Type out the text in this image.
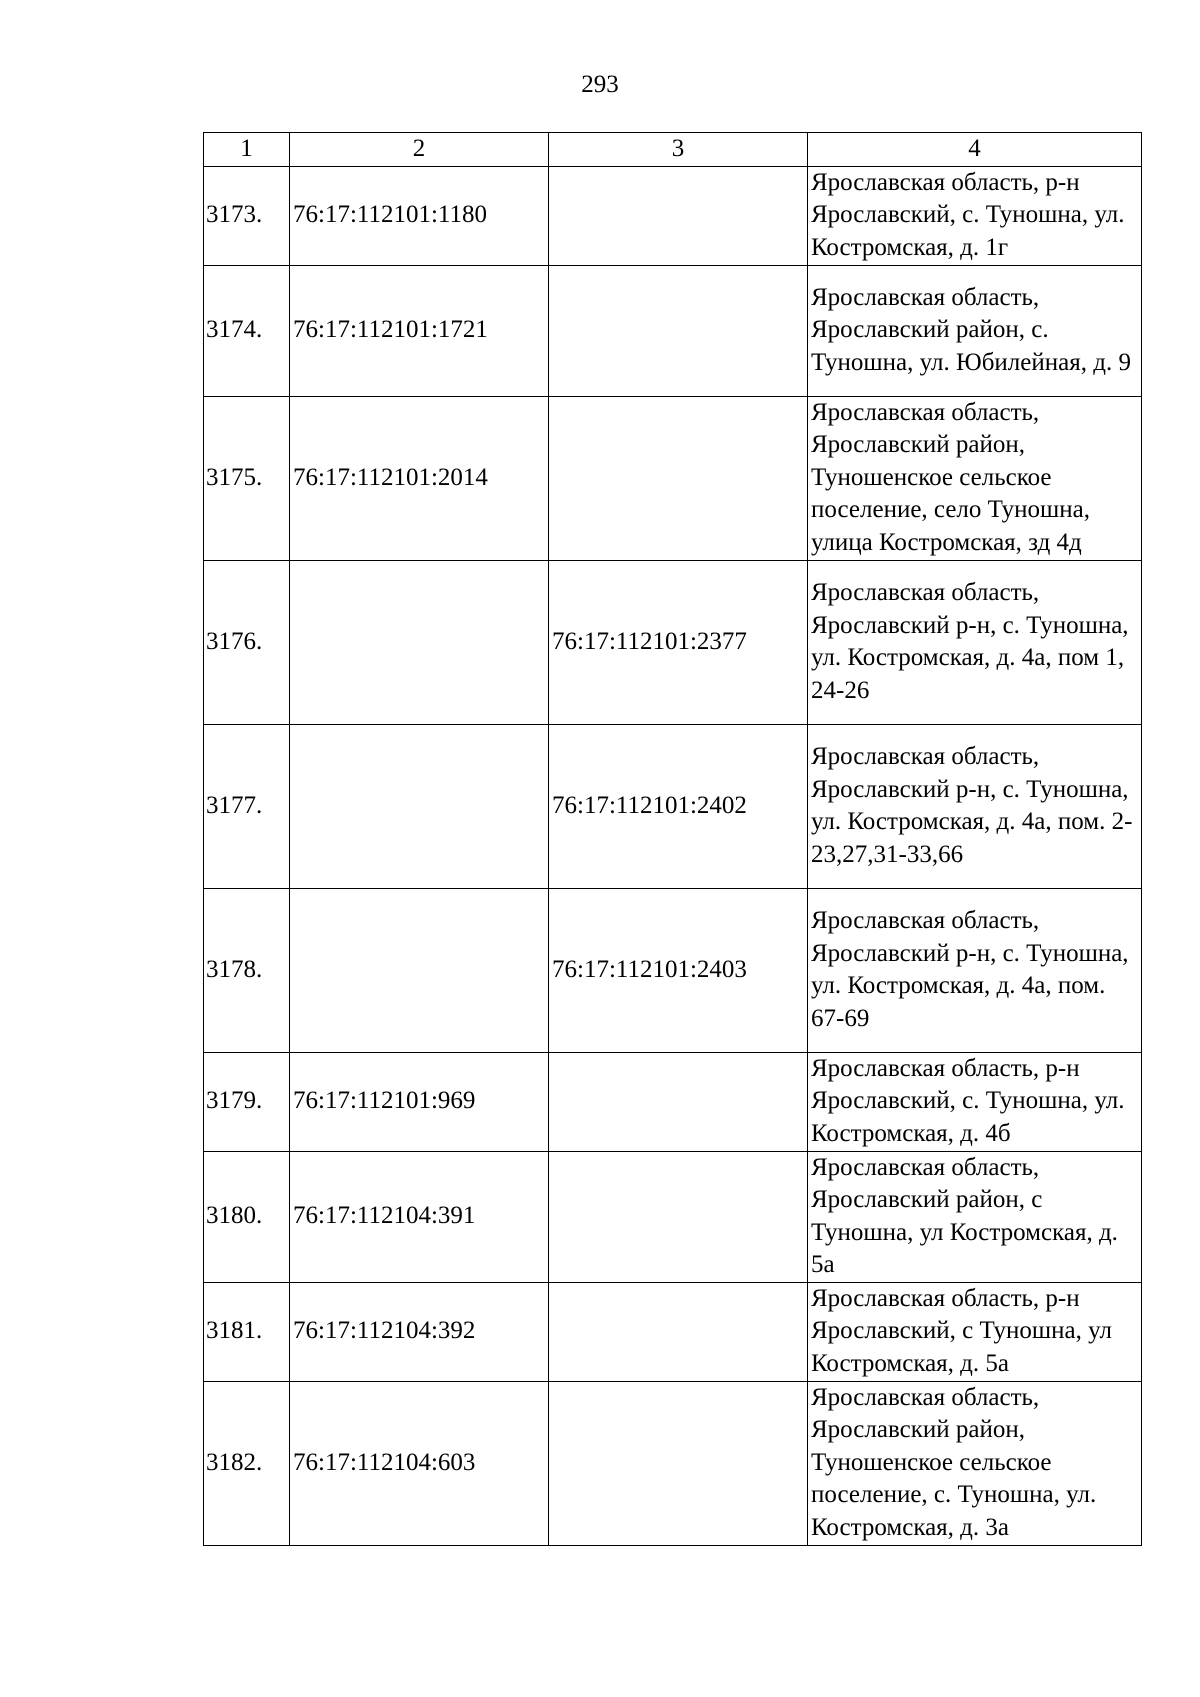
293
1	2	3	4
3173.	76:17:112101:1180		Ярославская область, р-н Ярославский, с. Туношна, ул. Костромская, д. 1г
3174.	76:17:112101:1721		Ярославская область, Ярославский район, с. Туношна, ул. Юбилейная, д. 9
3175.	76:17:112101:2014		Ярославская область, Ярославский район, Туношенское сельское поселение, село Туношна, улица Костромская, зд 4д
3176.		76:17:112101:2377	Ярославская область, Ярославский р-н, с. Туношна, ул. Костромская, д. 4а, пом 1, 24-26
3177.		76:17:112101:2402	Ярославская область, Ярославский р-н, с. Туношна, ул. Костромская, д. 4а, пом. 2-23,27,31-33,66
3178.		76:17:112101:2403	Ярославская область, Ярославский р-н, с. Туношна, ул. Костромская, д. 4а, пом. 67-69
3179.	76:17:112101:969		Ярославская область, р-н Ярославский, с. Туношна, ул. Костромская, д. 4б
3180.	76:17:112104:391		Ярославская область, Ярославский район, с Туношна, ул Костромская, д. 5а
3181.	76:17:112104:392		Ярославская область, р-н Ярославский, с Туношна, ул Костромская, д. 5а
3182.	76:17:112104:603		Ярославская область, Ярославский район, Туношенское сельское поселение, с. Туношна, ул. Костромская, д. 3а
